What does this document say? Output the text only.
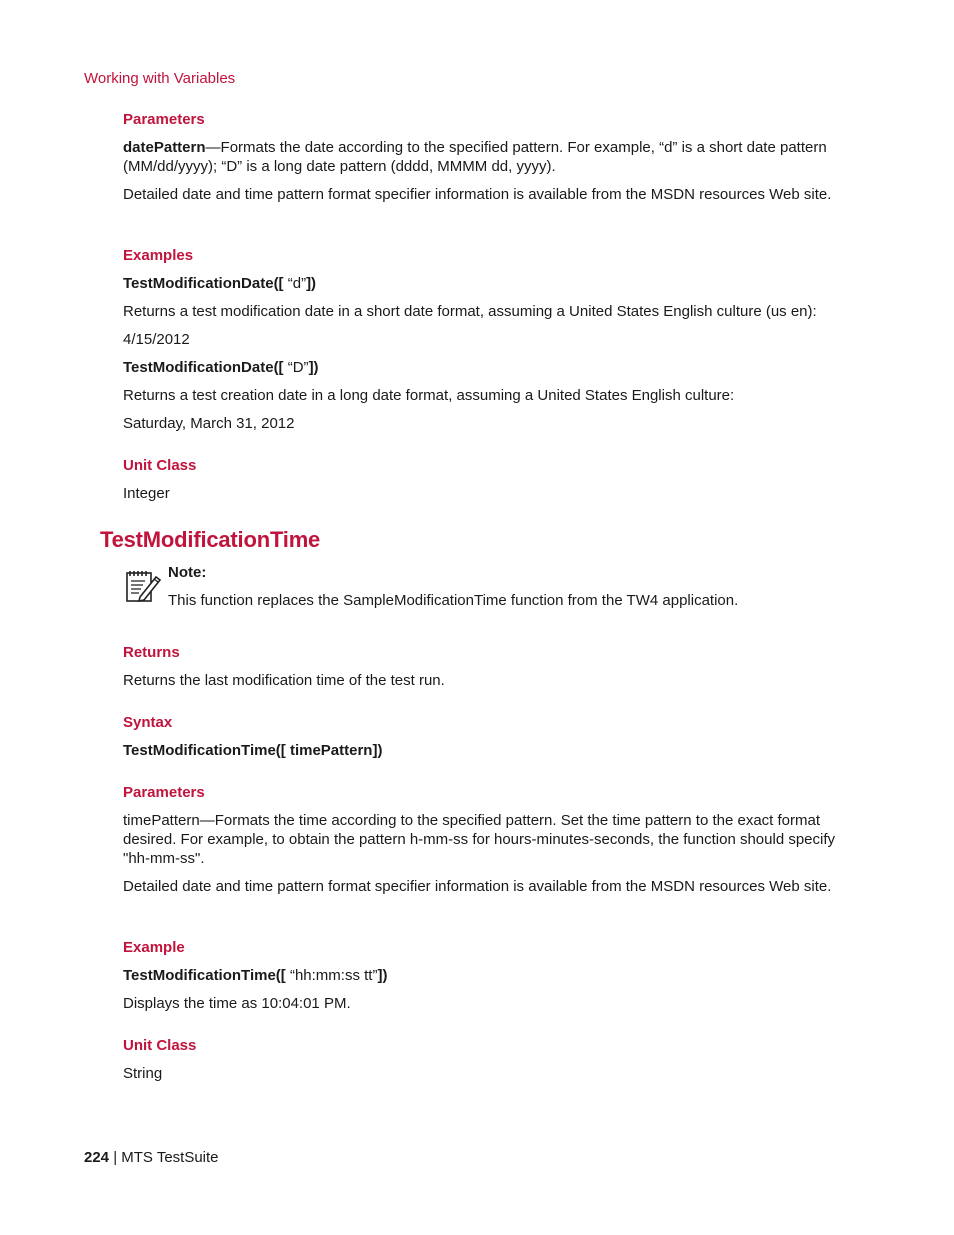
Working with Variables
Parameters

datePattern—Formats the date according to the specified pattern. For example, “d” is a short date pattern (MM/dd/yyyy); “D” is a long date pattern (dddd, MMMM dd, yyyy).

Detailed date and time pattern format specifier information is available from the MSDN resources Web site.

Examples

TestModificationDate([ “d”])

Returns a test modification date in a short date format, assuming a United States English culture (us en):

4/15/2012

TestModificationDate([ “D”])

Returns a test creation date in a long date format, assuming a United States English culture:

Saturday, March 31, 2012

Unit Class

Integer

TestModificationTime

Note:

This function replaces the SampleModificationTime function from the TW4 application.

Returns

Returns the last modification time of the test run.

Syntax

TestModificationTime([ timePattern])

Parameters

timePattern—Formats the time according to the specified pattern. Set the time pattern to the exact format desired. For example, to obtain the pattern h-mm-ss for hours-minutes-seconds, the function should specify "hh-mm-ss".

Detailed date and time pattern format specifier information is available from the MSDN resources Web site.

Example

TestModificationTime([ “hh:mm:ss tt”])

Displays the time as 10:04:01 PM.

Unit Class

String

224 | MTS TestSuite
